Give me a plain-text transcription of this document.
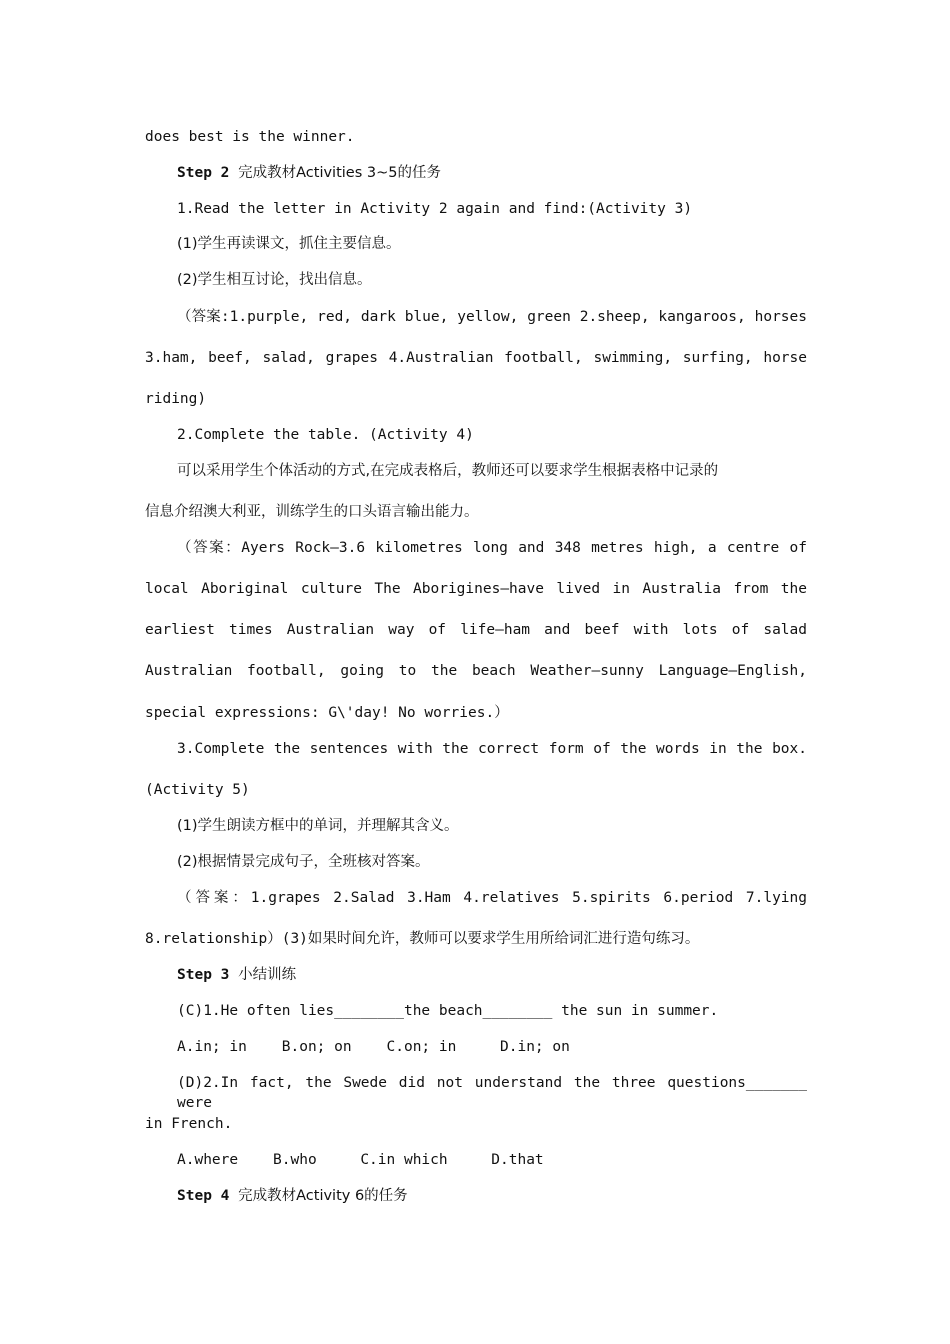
does best is the winner.
Step 2 完成教材Activities 3~5的任务
1.Read the letter in Activity 2 again and find:(Activity 3)
(1)学生再读课文，抓住主要信息。
(2)学生相互讨论，找出信息。
（答案:1.purple, red, dark blue, yellow, green 2.sheep, kangaroos, horses
3.ham, beef, salad, grapes 4.Australian football, swimming, surfing, horse
riding)
2.Complete the table. (Activity 4)
可以采用学生个体活动的方式,在完成表格后，教师还可以要求学生根据表格中记录的
信息介绍澳大利亚，训练学生的口头语言输出能力。
（答案：Ayers Rock—3.6 kilometres long and 348 metres high, a centre of
local Aboriginal culture The Aborigines—have lived in Australia from the
earliest times Australian way of life—ham and beef with lots of salad
Australian football, going to the beach Weather—sunny Language—English,
special expressions: G\'day! No worries.）
3.Complete the sentences with the correct form of the words in the box.
(Activity 5)
(1)学生朗读方框中的单词，并理解其含义。
(2)根据情景完成句子，全班核对答案。
（答案：1.grapes 2.Salad 3.Ham 4.relatives 5.spirits 6.period 7.lying
8.relationship）(3)如果时间允许，教师可以要求学生用所给词汇进行造句练习。
Step 3 小结训练
(C)1.He often lies________the beach________ the sun in summer.
A.in; in    B.on; on    C.on; in     D.in; on
(D)2.In fact, the Swede did not understand the three questions_______ were
in French.
A.where    B.who     C.in which     D.that
Step 4 完成教材Activity 6的任务
